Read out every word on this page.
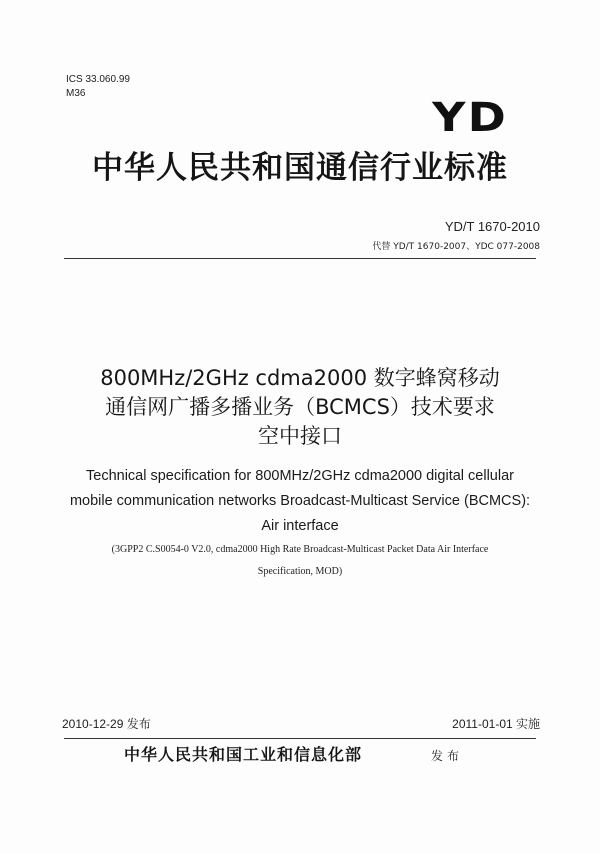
ICS 33.060.99
M36
YD
中华人民共和国通信行业标准
YD/T 1670-2010
代替 YD/T 1670-2007、YDC 077-2008
800MHz/2GHz cdma2000 数字蜂窝移动
通信网广播多播业务（BCMCS）技术要求
空中接口
Technical specification for 800MHz/2GHz cdma2000 digital cellular
mobile communication networks Broadcast-Multicast Service (BCMCS):
Air interface
(3GPP2 C.S0054-0 V2.0, cdma2000 High Rate Broadcast-Multicast Packet Data Air Interface
Specification, MOD)
2010-12-29 发布	2011-01-01 实施
中华人民共和国工业和信息化部	发布
